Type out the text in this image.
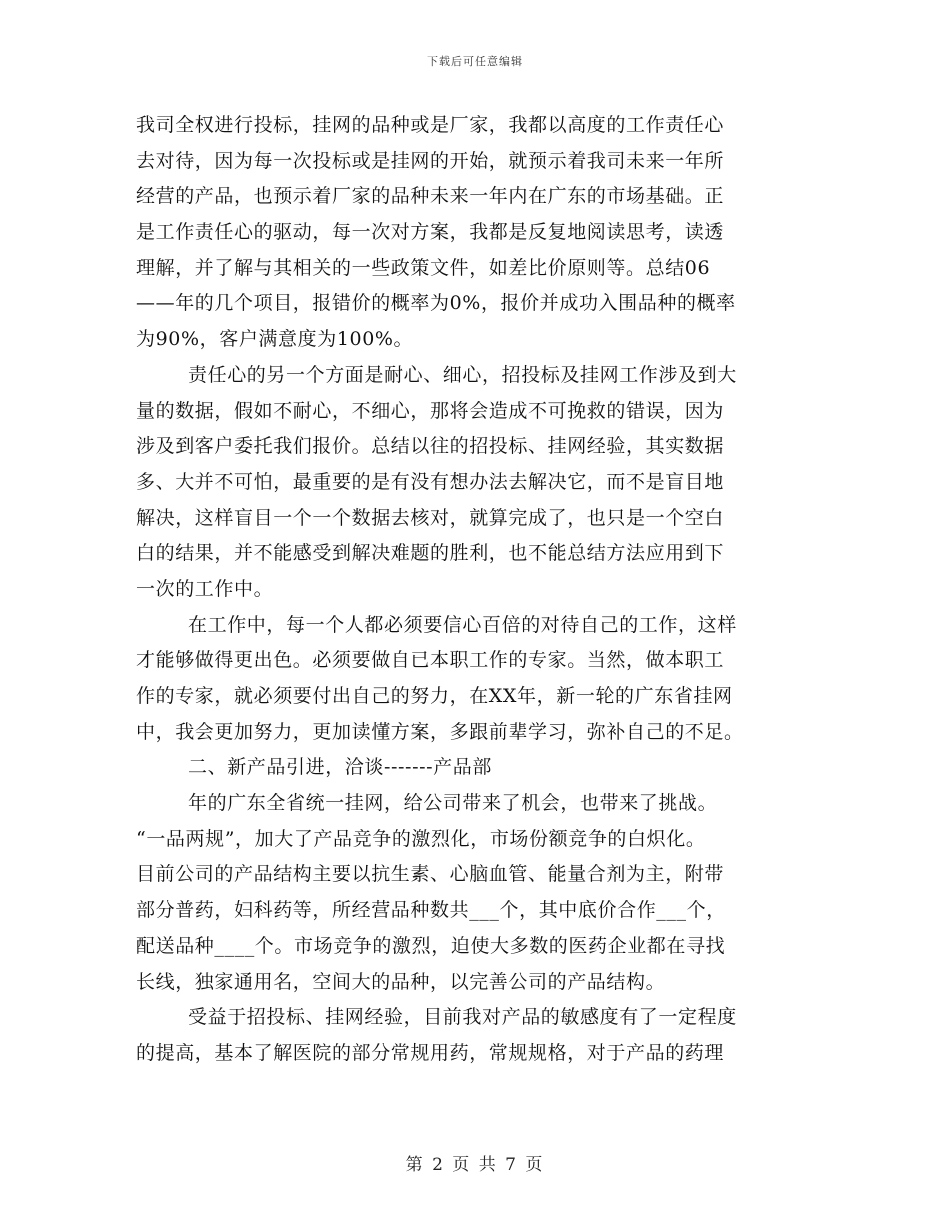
下载后可任意编辑
我司全权进行投标，挂网的品种或是厂家，我都以高度的工作责任心
去对待，因为每一次投标或是挂网的开始，就预示着我司未来一年所
经营的产品，也预示着厂家的品种未来一年内在广东的市场基础。正
是工作责任心的驱动，每一次对方案，我都是反复地阅读思考，读透
理解，并了解与其相关的一些政策文件，如差比价原则等。总结06
——年的几个项目，报错价的概率为0%，报价并成功入围品种的概率
为90%，客户满意度为100%。
责任心的另一个方面是耐心、细心，招投标及挂网工作涉及到大
量的数据，假如不耐心，不细心，那将会造成不可挽救的错误，因为
涉及到客户委托我们报价。总结以往的招投标、挂网经验，其实数据
多、大并不可怕，最重要的是有没有想办法去解决它，而不是盲目地
解决，这样盲目一个一个数据去核对，就算完成了，也只是一个空白
白的结果，并不能感受到解决难题的胜利，也不能总结方法应用到下
一次的工作中。
在工作中，每一个人都必须要信心百倍的对待自己的工作，这样
才能够做得更出色。必须要做自已本职工作的专家。当然，做本职工
作的专家，就必须要付出自己的努力，在XX年，新一轮的广东省挂网
中，我会更加努力，更加读懂方案，多跟前辈学习，弥补自己的不足。
二、新产品引进，洽谈-------产品部
年的广东全省统一挂网，给公司带来了机会，也带来了挑战。
“一品两规”，加大了产品竞争的激烈化，市场份额竞争的白炽化。
目前公司的产品结构主要以抗生素、心脑血管、能量合剂为主，附带
部分普药，妇科药等，所经营品种数共___个，其中底价合作___个，
配送品种____个。市场竞争的激烈，迫使大多数的医药企业都在寻找
长线，独家通用名，空间大的品种，以完善公司的产品结构。
受益于招投标、挂网经验，目前我对产品的敏感度有了一定程度
的提高，基本了解医院的部分常规用药，常规规格，对于产品的药理
第 2 页 共 7 页
